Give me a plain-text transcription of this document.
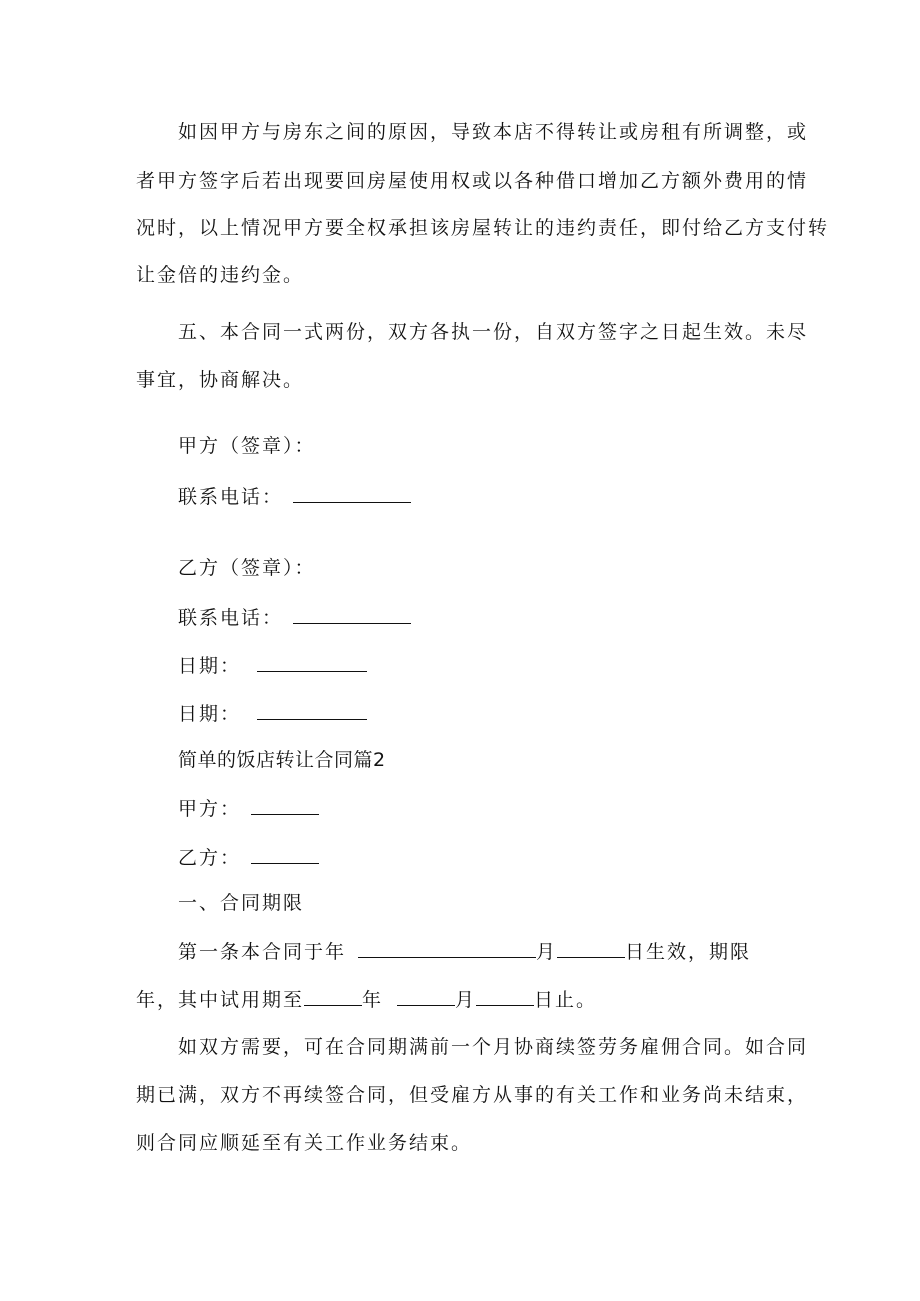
如因甲方与房东之间的原因，导致本店不得转让或房租有所调整，或
者甲方签字后若出现要回房屋使用权或以各种借口增加乙方额外费用的情
况时，以上情况甲方要全权承担该房屋转让的违约责任，即付给乙方支付转
让金倍的违约金。
五、本合同一式两份，双方各执一份，自双方签字之日起生效。未尽
事宜，协商解决。
甲方（签章）：
联系电话：
乙方（签章）：
联系电话：
日期：
日期：
简单的饭店转让合同篇2
甲方：
乙方：
一、合同期限
第一条本合同于年	月	日生效，期限
年，其中试用期至	年	月	日止。
如双方需要，可在合同期满前一个月协商续签劳务雇佣合同。如合同
期已满，双方不再续签合同，但受雇方从事的有关工作和业务尚未结束，
则合同应顺延至有关工作业务结束。
